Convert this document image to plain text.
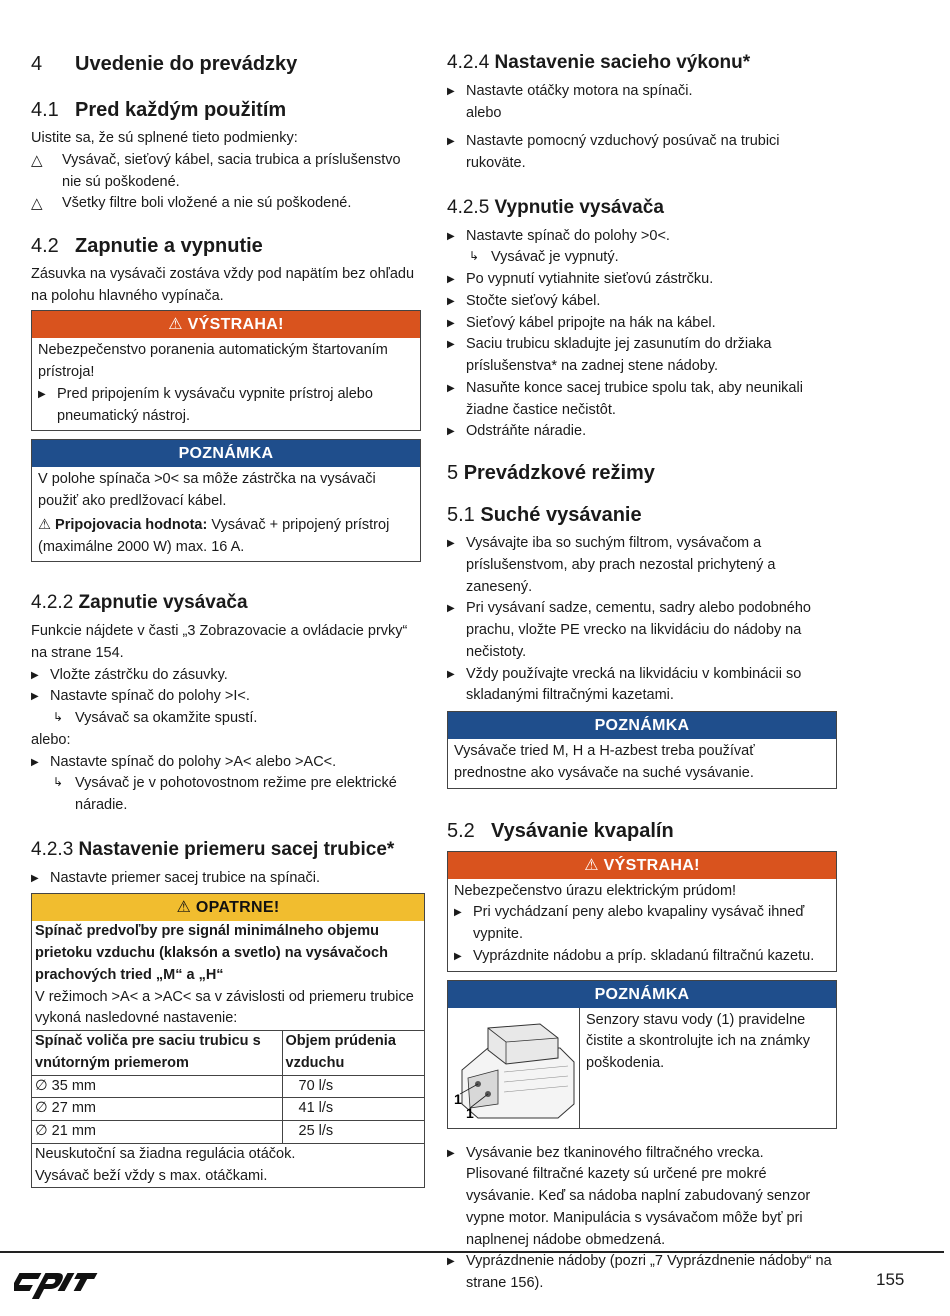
4	Uvedenie do prevádzky
4.1 Pred každým použitím

Uistite sa, že sú splnené tieto podmienky:

△	Vysávač, sieťový kábel, sacia trubica a príslušenstvo nie sú poškodené.
△	Všetky filtre boli vložené a nie sú poškodené.
4.2 Zapnutie a vypnutie

Zásuvka na vysávači zostáva vždy pod napätím bez ohľadu na polohu hlavného vypínača.

⚠ VÝSTRAHA!

Nebezpečenstvo poranenia automatickým štartovaním prístroja!

▶ Pred pripojením k vysávaču vypnite prístroj alebo pneumatický nástroj.
POZNÁMKA

V polohe spínača >0< sa môže zástrčka na vysávači použiť ako predlžovací kábel.

⚠ Pripojovacia hodnota: Vysávač + pripojený prístroj (maximálne 2000 W) max. 16 A.

4.2.2 Zapnutie vysávača

Funkcie nájdete v časti „3 Zobrazovacie a ovládacie prvky“ na strane 154.

▶ Vložte zástrčku do zásuvky.
▶ Nastavte spínač do polohy >I<.
↳ Vysávač sa okamžite spustí.

alebo:

▶ Nastavte spínač do polohy >A< alebo >AC<.
↳ Vysávač je v pohotovostnom režime pre elektrické náradie.
4.2.3 Nastavenie priemeru sacej trubice*
▶ Nastavte priemer sacej trubice na spínači.
⚠ OPATRNE!

Spínač predvoľby pre signál minimálneho objemu prietoku vzduchu (klaksón a svetlo) na vysávačoch prachových tried „M“ a „H“

V režimoch >A< a >AC< sa v závislosti od priemeru trubice vykoná nasledovné nastavenie:

Spínač voliča pre saciu trubicu s vnútorným priemerom	Objem prúdenia vzduchu
∅ 35 mm	70 l/s
∅ 27 mm	41 l/s
∅ 21 mm	25 l/s

Neuskutoční sa žiadna regulácia otáčok.

Vysávač beží vždy s max. otáčkami.	

4.2.4 Nastavenie sacieho výkonu*
▶ Nastavte otáčky motora na spínači.

alebo

▶ Nastavte pomocný vzduchový posúvač na trubici rukoväte.
4.2.5 Vypnutie vysávača
▶ Nastavte spínač do polohy >0<.
↳ Vysávač je vypnutý.
▶ Po vypnutí vytiahnite sieťovú zástrčku.
▶ Stočte sieťový kábel.
▶ Sieťový kábel pripojte na hák na kábel.
▶ Saciu trubicu skladujte jej zasunutím do držiaka príslušenstva* na zadnej stene nádoby.
▶ Nasuňte konce sacej trubice spolu tak, aby neunikali žiadne častice nečistôt.
▶ Odstráňte náradie.
5 Prevádzkové režimy
5.1 Suché vysávanie
▶ Vysávajte iba so suchým filtrom, vysávačom a príslušenstvom, aby prach nezostal prichytený a zanesený.
▶ Pri vysávaní sadze, cementu, sadry alebo podobného prachu, vložte PE vrecko na likvidáciu do nádoby na nečistoty.
▶ Vždy používajte vrecká na likvidáciu v kombinácii so skladanými filtračnými kazetami.
POZNÁMKA

Vysávače tried M, H a H-azbest treba používať prednostne ako vysávače na suché vysávanie.

5.2 Vysávanie kvapalín
⚠ VÝSTRAHA!

Nebezpečenstvo úrazu elektrickým prúdom!

▶ Pri vychádzaní peny alebo kvapaliny vysávač ihneď vypnite.
▶ Vyprázdnite nádobu a príp. skladanú filtračnú kazetu.
POZNÁMKA
1
1
Senzory stavu vody (1) pravidelne čistite a skontrolujte ich na známky poškodenia.
▶ Vysávanie bez tkaninového filtračného vrecka.

Plisované filtračné kazety sú určené pre mokré vysávanie. Keď sa nádoba naplní zabudovaný senzor vypne motor. Manipulácia s vysávačom môže byť pri naplnenej nádobe obmedzená.

▶ Vyprázdnenie nádoby (pozri „7 Vyprázdnenie nádoby“ na strane 156).
spit
155
